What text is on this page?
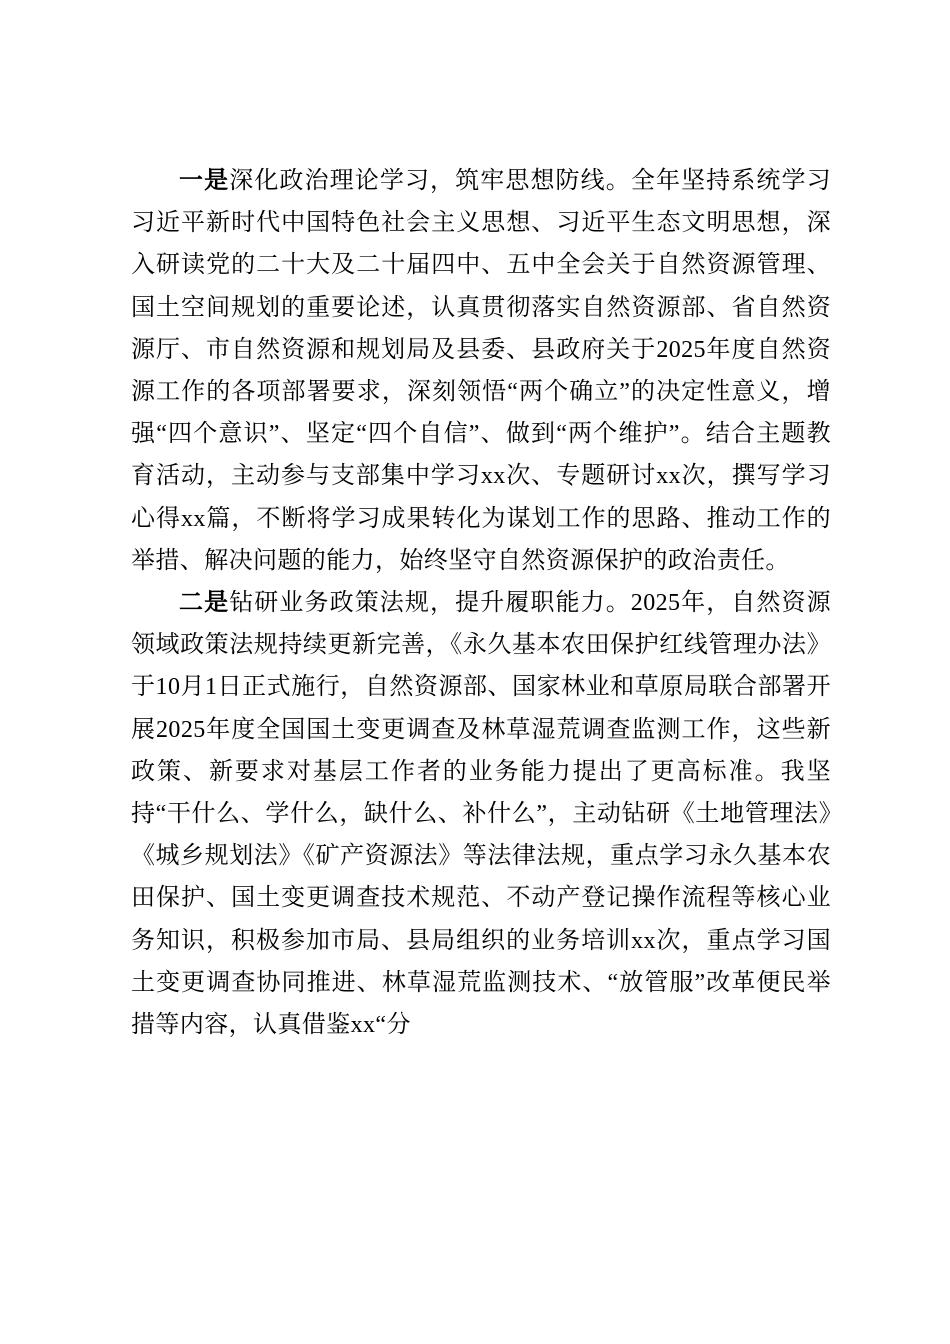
一是深化政治理论学习，筑牢思想防线。全年坚持系统学习习近平新时代中国特色社会主义思想、习近平生态文明思想，深入研读党的二十大及二十届四中、五中全会关于自然资源管理、国土空间规划的重要论述，认真贯彻落实自然资源部、省自然资源厅、市自然资源和规划局及县委、县政府关于2025年度自然资源工作的各项部署要求，深刻领悟“两个确立”的决定性意义，增强“四个意识”、坚定“四个自信”、做到“两个维护”。结合主题教育活动，主动参与支部集中学习xx次、专题研讨xx次，撰写学习心得xx篇，不断将学习成果转化为谋划工作的思路、推动工作的举措、解决问题的能力，始终坚守自然资源保护的政治责任。

二是钻研业务政策法规，提升履职能力。2025年，自然资源领域政策法规持续更新完善，《永久基本农田保护红线管理办法》于10月1日正式施行，自然资源部、国家林业和草原局联合部署开展2025年度全国国土变更调查及林草湿荒调查监测工作，这些新政策、新要求对基层工作者的业务能力提出了更高标准。我坚持“干什么、学什么，缺什么、补什么”，主动钻研《土地管理法》《城乡规划法》《矿产资源法》等法律法规，重点学习永久基本农田保护、国土变更调查技术规范、不动产登记操作流程等核心业务知识，积极参加市局、县局组织的业务培训xx次，重点学习国土变更调查协同推进、林草湿荒监测技术、“放管服”改革便民举措等内容，认真借鉴xx“分
